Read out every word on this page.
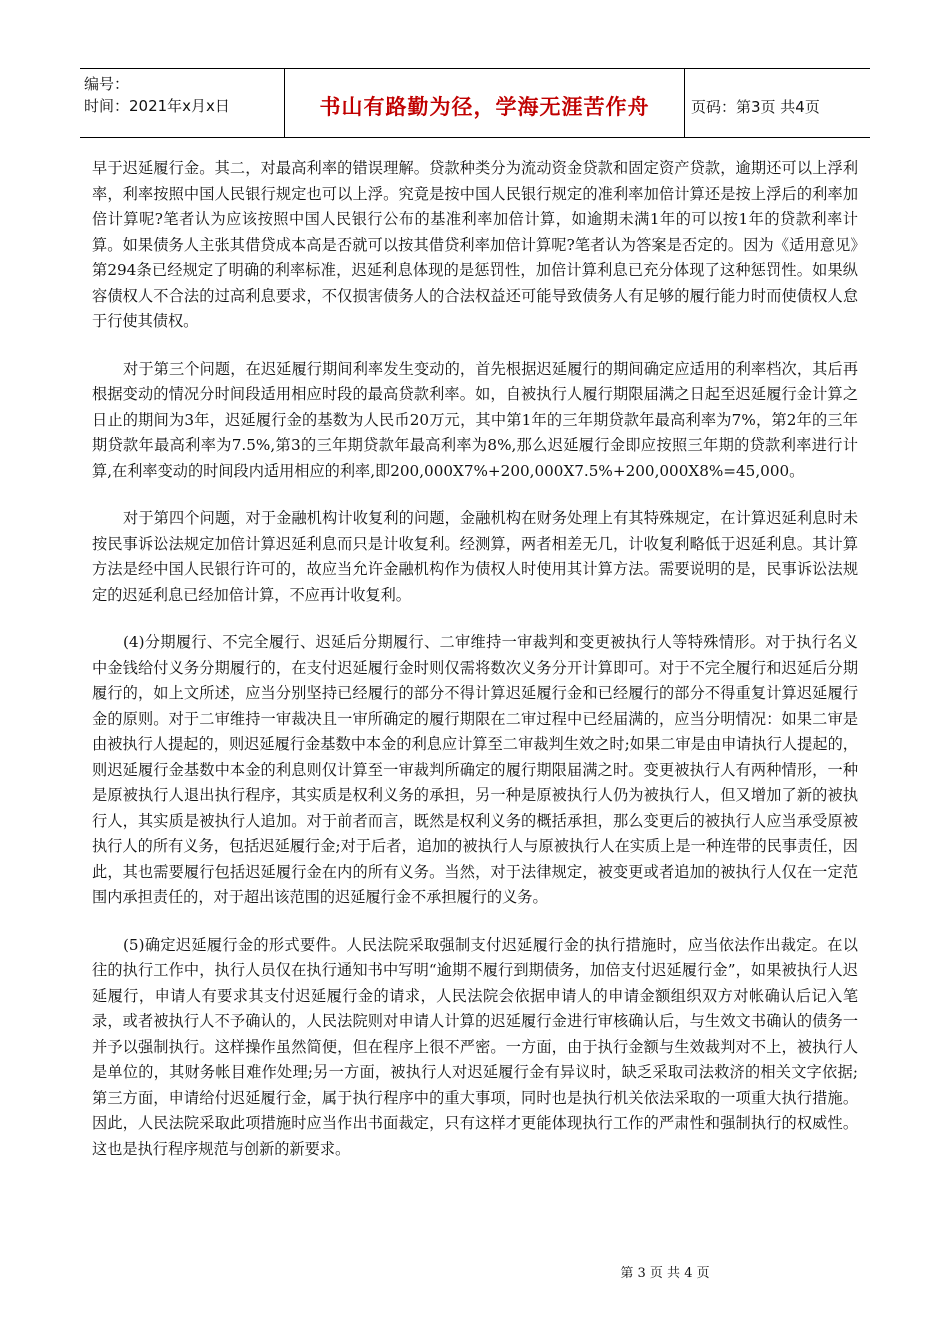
编号：
时间：2021年x月x日	书山有路勤为径，学海无涯苦作舟	页码：第3页 共4页

早于迟延履行金。其二，对最高利率的错误理解。贷款种类分为流动资金贷款和固定资产贷款，逾期还可以上浮利率，利率按照中国人民银行规定也可以上浮。究竟是按中国人民银行规定的准利率加倍计算还是按上浮后的利率加倍计算呢?笔者认为应该按照中国人民银行公布的基准利率加倍计算，如逾期未满1年的可以按1年的贷款利率计算。如果债务人主张其借贷成本高是否就可以按其借贷利率加倍计算呢?笔者认为答案是否定的。因为《适用意见》第294条已经规定了明确的利率标准，迟延利息体现的是惩罚性，加倍计算利息已充分体现了这种惩罚性。如果纵容债权人不合法的过高利息要求，不仅损害债务人的合法权益还可能导致债务人有足够的履行能力时而使债权人怠于行使其债权。

对于第三个问题，在迟延履行期间利率发生变动的，首先根据迟延履行的期间确定应适用的利率档次，其后再根据变动的情况分时间段适用相应时段的最高贷款利率。如，自被执行人履行期限届满之日起至迟延履行金计算之日止的期间为3年，迟延履行金的基数为人民币20万元，其中第1年的三年期贷款年最高利率为7%，第2年的三年期贷款年最高利率为7.5%,第3的三年期贷款年最高利率为8%,那么迟延履行金即应按照三年期的贷款利率进行计算,在利率变动的时间段内适用相应的利率,即200,000X7%+200,000X7.5%+200,000X8%=45,000。

对于第四个问题，对于金融机构计收复利的问题，金融机构在财务处理上有其特殊规定，在计算迟延利息时未按民事诉讼法规定加倍计算迟延利息而只是计收复利。经测算，两者相差无几，计收复利略低于迟延利息。其计算方法是经中国人民银行许可的，故应当允许金融机构作为债权人时使用其计算方法。需要说明的是，民事诉讼法规定的迟延利息已经加倍计算，不应再计收复利。

(4)分期履行、不完全履行、迟延后分期履行、二审维持一审裁判和变更被执行人等特殊情形。对于执行名义中金钱给付义务分期履行的，在支付迟延履行金时则仅需将数次义务分开计算即可。对于不完全履行和迟延后分期履行的，如上文所述，应当分别坚持已经履行的部分不得计算迟延履行金和已经履行的部分不得重复计算迟延履行金的原则。对于二审维持一审裁决且一审所确定的履行期限在二审过程中已经届满的，应当分明情况：如果二审是由被执行人提起的，则迟延履行金基数中本金的利息应计算至二审裁判生效之时;如果二审是由申请执行人提起的，则迟延履行金基数中本金的利息则仅计算至一审裁判所确定的履行期限届满之时。变更被执行人有两种情形，一种是原被执行人退出执行程序，其实质是权利义务的承担，另一种是原被执行人仍为被执行人，但又增加了新的被执行人，其实质是被执行人追加。对于前者而言，既然是权利义务的概括承担，那么变更后的被执行人应当承受原被执行人的所有义务，包括迟延履行金;对于后者，追加的被执行人与原被执行人在实质上是一种连带的民事责任，因此，其也需要履行包括迟延履行金在内的所有义务。当然，对于法律规定，被变更或者追加的被执行人仅在一定范围内承担责任的，对于超出该范围的迟延履行金不承担履行的义务。

(5)确定迟延履行金的形式要件。人民法院采取强制支付迟延履行金的执行措施时，应当依法作出裁定。在以往的执行工作中，执行人员仅在执行通知书中写明“逾期不履行到期债务，加倍支付迟延履行金”，如果被执行人迟延履行，申请人有要求其支付迟延履行金的请求，人民法院会依据申请人的申请金额组织双方对帐确认后记入笔录，或者被执行人不予确认的，人民法院则对申请人计算的迟延履行金进行审核确认后，与生效文书确认的债务一并予以强制执行。这样操作虽然简便，但在程序上很不严密。一方面，由于执行金额与生效裁判对不上，被执行人是单位的，其财务帐目难作处理;另一方面，被执行人对迟延履行金有异议时，缺乏采取司法救济的相关文字依据;第三方面，申请给付迟延履行金，属于执行程序中的重大事项，同时也是执行机关依法采取的一项重大执行措施。因此，人民法院采取此项措施时应当作出书面裁定，只有这样才更能体现执行工作的严肃性和强制执行的权威性。这也是执行程序规范与创新的新要求。

第 3 页 共 4 页
